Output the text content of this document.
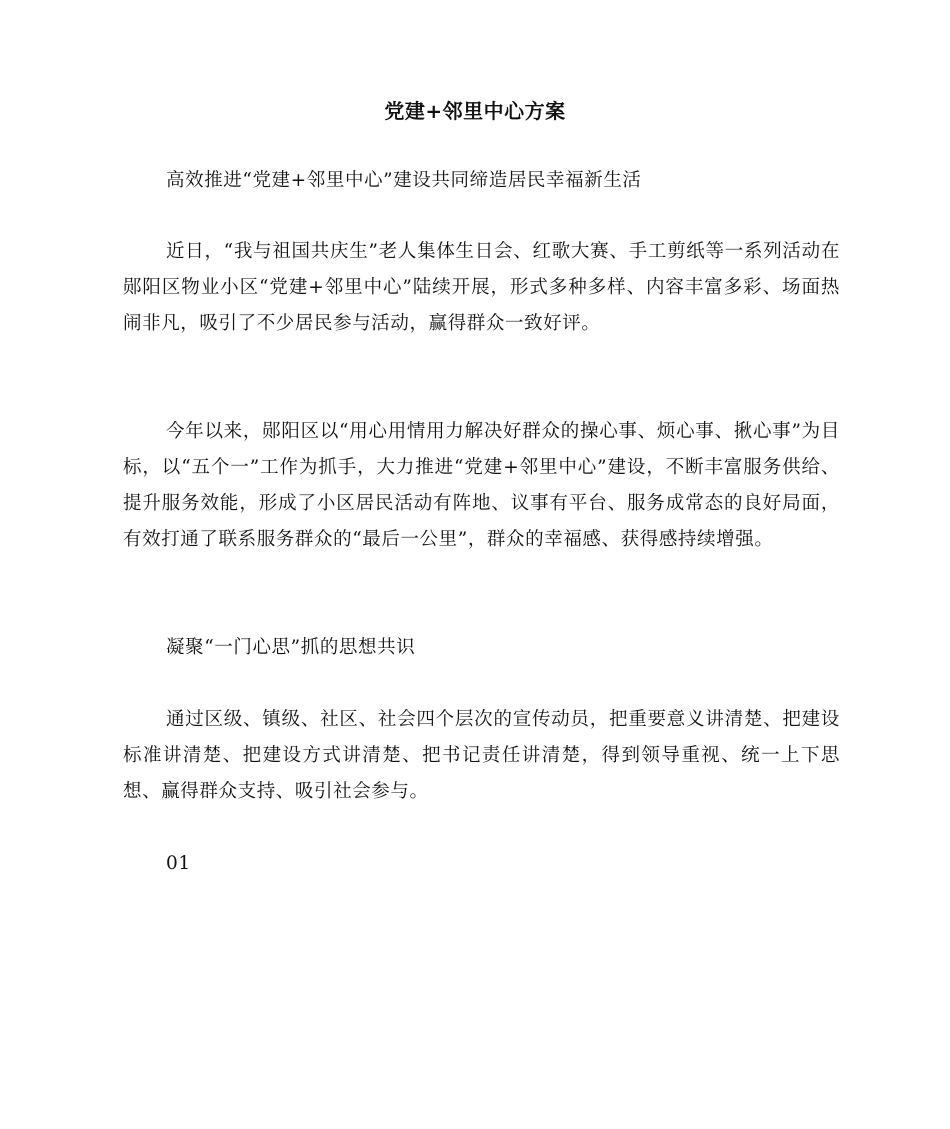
党建+邻里中心方案

高效推进“党建+邻里中心”建设共同缔造居民幸福新生活

近日，“我与祖国共庆生”老人集体生日会、红歌大赛、手工剪纸等一系列活动在郧阳区物业小区“党建+邻里中心”陆续开展，形式多种多样、内容丰富多彩、场面热闹非凡，吸引了不少居民参与活动，赢得群众一致好评。

今年以来，郧阳区以“用心用情用力解决好群众的操心事、烦心事、揪心事”为目标，以“五个一”工作为抓手，大力推进“党建+邻里中心”建设，不断丰富服务供给、提升服务效能，形成了小区居民活动有阵地、议事有平台、服务成常态的良好局面，有效打通了联系服务群众的“最后一公里”，群众的幸福感、获得感持续增强。

凝聚“一门心思”抓的思想共识

通过区级、镇级、社区、社会四个层次的宣传动员，把重要意义讲清楚、把建设标准讲清楚、把建设方式讲清楚、把书记责任讲清楚，得到领导重视、统一上下思想、赢得群众支持、吸引社会参与。

01
